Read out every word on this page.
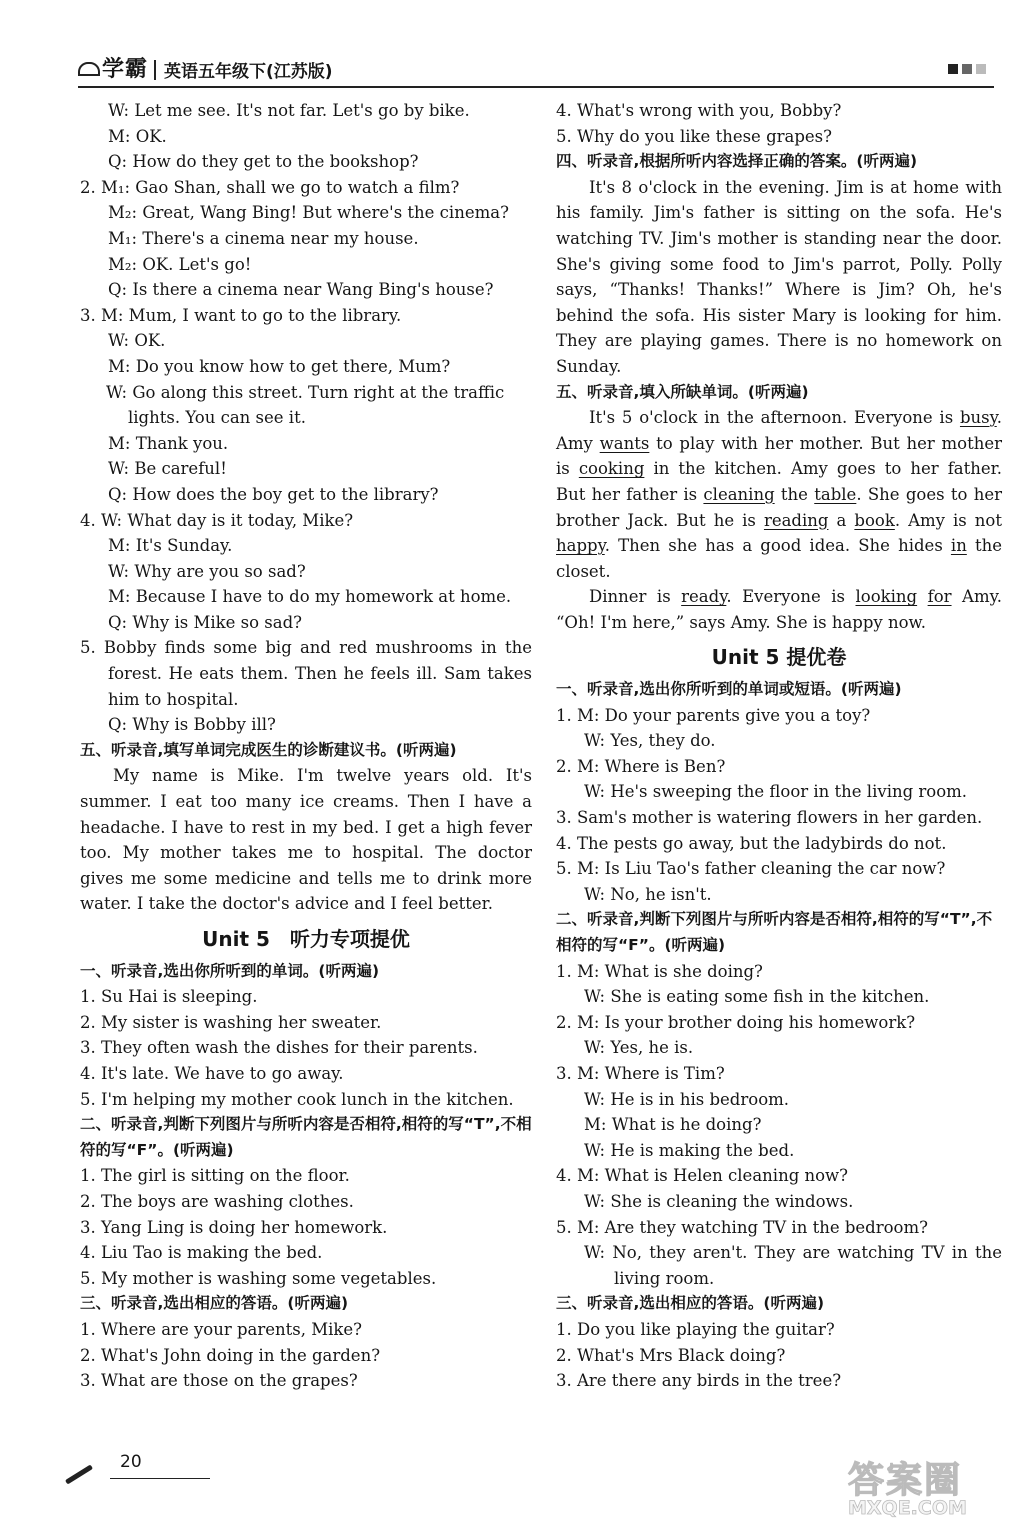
学霸 英语五年级下(江苏版)

W: Let me see. It's not far. Let's go by bike.

M: OK.

Q: How do they get to the bookshop?

2. M₁: Gao Shan, shall we go to watch a film?

M₂: Great, Wang Bing! But where's the cinema?

M₁: There's a cinema near my house.

M₂: OK. Let's go!

Q: Is there a cinema near Wang Bing's house?

3. M: Mum, I want to go to the library.

W: OK.

M: Do you know how to get there, Mum?

W: Go along this street. Turn right at the traffic lights. You can see it.

M: Thank you.

W: Be careful!

Q: How does the boy get to the library?

4. W: What day is it today, Mike?

M: It's Sunday.

W: Why are you so sad?

M: Because I have to do my homework at home.

Q: Why is Mike so sad?

5. Bobby finds some big and red mushrooms in the forest. He eats them. Then he feels ill. Sam takes him to hospital.

Q: Why is Bobby ill?

五、听录音,填写单词完成医生的诊断建议书。(听两遍)

My name is Mike. I'm twelve years old. It's summer. I eat too many ice creams. Then I have a headache. I have to rest in my bed. I get a high fever too. My mother takes me to hospital. The doctor gives me some medicine and tells me to drink more water. I take the doctor's advice and I feel better.

Unit 5　听力专项提优

一、听录音,选出你所听到的单词。(听两遍)

1. Su Hai is sleeping.

2. My sister is washing her sweater.

3. They often wash the dishes for their parents.

4. It's late. We have to go away.

5. I'm helping my mother cook lunch in the kitchen.

二、听录音,判断下列图片与所听内容是否相符,相符的写“T”,不相符的写“F”。(听两遍)

1. The girl is sitting on the floor.

2. The boys are washing clothes.

3. Yang Ling is doing her homework.

4. Liu Tao is making the bed.

5. My mother is washing some vegetables.

三、听录音,选出相应的答语。(听两遍)

1. Where are your parents, Mike?

2. What's John doing in the garden?

3. What are those on the grapes?

4. What's wrong with you, Bobby?

5. Why do you like these grapes?

四、听录音,根据所听内容选择正确的答案。(听两遍)

It's 8 o'clock in the evening. Jim is at home with his family. Jim's father is sitting on the sofa. He's watching TV. Jim's mother is standing near the door. She's giving some food to Jim's parrot, Polly. Polly says, “Thanks! Thanks!” Where is Jim? Oh, he's behind the sofa. His sister Mary is looking for him. They are playing games. There is no homework on Sunday.

五、听录音,填入所缺单词。(听两遍)

It's 5 o'clock in the afternoon. Everyone is busy. Amy wants to play with her mother. But her mother is cooking in the kitchen. Amy goes to her father. But her father is cleaning the table. She goes to her brother Jack. But he is reading a book. Amy is not happy. Then she has a good idea. She hides in the closet.

Dinner is ready. Everyone is looking for Amy. “Oh! I'm here,” says Amy. She is happy now.

Unit 5 提优卷

一、听录音,选出你所听到的单词或短语。(听两遍)

1. M: Do your parents give you a toy?

W: Yes, they do.

2. M: Where is Ben?

W: He's sweeping the floor in the living room.

3. Sam's mother is watering flowers in her garden.

4. The pests go away, but the ladybirds do not.

5. M: Is Liu Tao's father cleaning the car now?

W: No, he isn't.

二、听录音,判断下列图片与所听内容是否相符,相符的写“T”,不相符的写“F”。(听两遍)

1. M: What is she doing?

W: She is eating some fish in the kitchen.

2. M: Is your brother doing his homework?

W: Yes, he is.

3. M: Where is Tim?

W: He is in his bedroom.

M: What is he doing?

W: He is making the bed.

4. M: What is Helen cleaning now?

W: She is cleaning the windows.

5. M: Are they watching TV in the bedroom?

W: No, they aren't. They are watching TV in the living room.

三、听录音,选出相应的答语。(听两遍)

1. Do you like playing the guitar?

2. What's Mrs Black doing?

3. Are there any birds in the tree?

20	答案圈
MXQE.COM
